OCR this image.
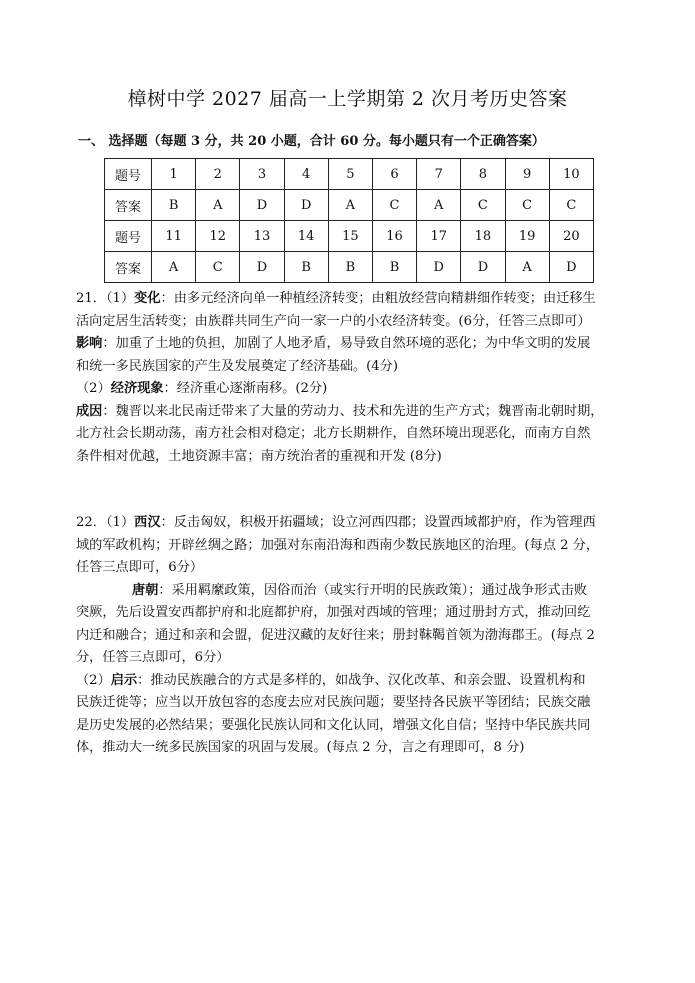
樟树中学 2027 届高一上学期第 2 次月考历史答案
一、 选择题（每题 3 分，共 20 小题，合计 60 分。每小题只有一个正确答案）
题号	1	2	3	4	5	6	7	8	9	10
答案	B	A	D	D	A	C	A	C	C	C
题号	11	12	13	14	15	16	17	18	19	20
答案	A	C	D	B	B	B	D	D	A	D
21．（1）变化：由多元经济向单一种植经济转变；由粗放经营向精耕细作转变；由迁移生
活向定居生活转变；由族群共同生产向一家一户的小农经济转变。(6分，任答三点即可）
影响：加重了土地的负担，加剧了人地矛盾，易导致自然环境的恶化；为中华文明的发展
和统一多民族国家的产生及发展奠定了经济基础。(4分)
（2）经济现象：经济重心逐渐南移。(2分)
成因：魏晋以来北民南迁带来了大量的劳动力、技术和先进的生产方式；魏晋南北朝时期，
北方社会长期动荡，南方社会相对稳定；北方长期耕作，自然环境出现恶化，而南方自然
条件相对优越，土地资源丰富；南方统治者的重视和开发 (8分)
22．（1）西汉：反击匈奴，积极开拓疆域；设立河西四郡；设置西域都护府，作为管理西
域的军政机构；开辟丝绸之路；加强对东南沿海和西南少数民族地区的治理。(每点 2 分，
任答三点即可，6分）
唐朝：采用羁縻政策，因俗而治（或实行开明的民族政策）；通过战争形式击败
突厥，先后设置安西都护府和北庭都护府，加强对西域的管理；通过册封方式，推动回纥
内迁和融合；通过和亲和会盟，促进汉藏的友好往来；册封靺鞨首领为渤海郡王。(每点 2
分，任答三点即可，6分）
（2）启示：推动民族融合的方式是多样的，如战争、汉化改革、和亲会盟、设置机构和
民族迁徙等；应当以开放包容的态度去应对民族问题；要坚持各民族平等团结；民族交融
是历史发展的必然结果；要强化民族认同和文化认同，增强文化自信；坚持中华民族共同
体，推动大一统多民族国家的巩固与发展。(每点 2 分，言之有理即可，8 分)
